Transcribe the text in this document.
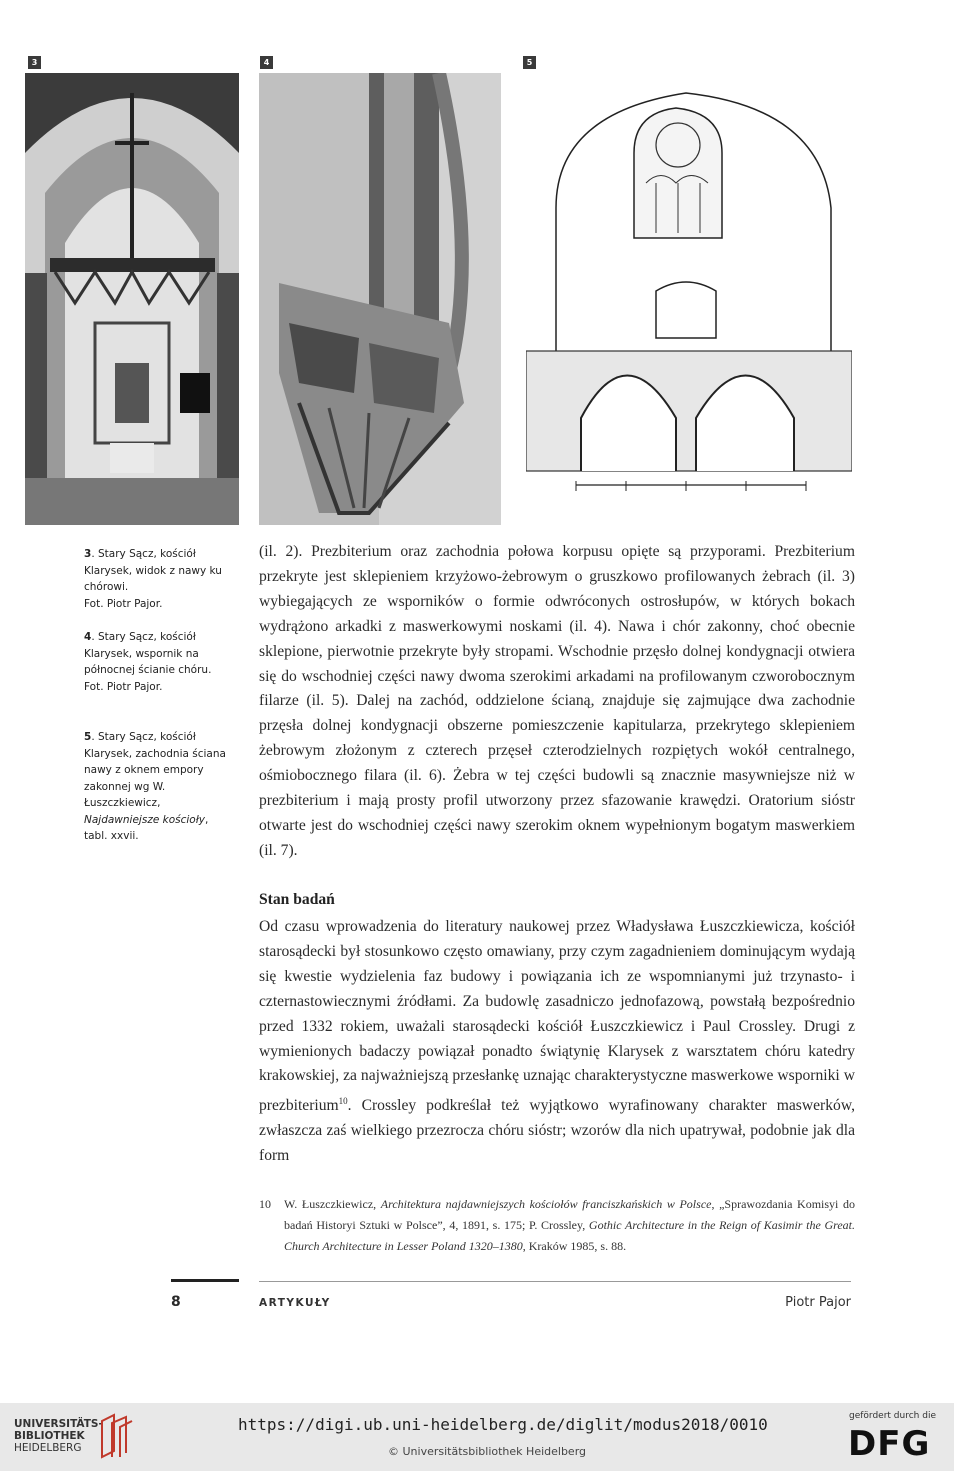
3	4	5
3. Stary Sącz, kościół Klarysek, widok z nawy ku chórowi.
Fot. Piotr Pajor.
4. Stary Sącz, kościół Klarysek, wspornik na północnej ścianie chóru.
Fot. Piotr Pajor.
5. Stary Sącz, kościół Klarysek, zachodnia ściana nawy z oknem empory zakonnej wg W. Łuszczkiewicz, Najdawniejsze kościoły, tabl. xxvii.

(il. 2). Prezbiterium oraz zachodnia połowa korpusu opięte są przyporami. Prezbiterium przekryte jest sklepieniem krzyżowo-żebrowym o gruszkowo profilowanych żebrach (il. 3) wybiegających ze wsporników o formie odwróconych ostrosłupów, w których bokach wydrążono arkadki z maswerkowymi noskami (il. 4). Nawa i chór zakonny, choć obecnie sklepione, pierwotnie przekryte były stropami. Wschodnie przęsło dolnej kondygnacji otwiera się do wschodniej części nawy dwoma szerokimi arkadami na profilowanym czworobocznym filarze (il. 5). Dalej na zachód, oddzielone ścianą, znajduje się zajmujące dwa zachodnie przęsła dolnej kondygnacji obszerne pomieszczenie kapitularza, przekrytego sklepieniem żebrowym złożonym z czterech przęseł czterodzielnych rozpiętych wokół centralnego, ośmiobocznego filara (il. 6). Żebra w tej części budowli są znacznie masywniejsze niż w prezbiterium i mają prosty profil utworzony przez sfazowanie krawędzi. Oratorium sióstr otwarte jest do wschodniej części nawy szerokim oknem wypełnionym bogatym maswerkiem (il. 7).

Stan badań

Od czasu wprowadzenia do literatury naukowej przez Władysława Łuszczkiewicza, kościół starosądecki był stosunkowo często omawiany, przy czym zagadnieniem dominującym wydają się kwestie wydzielenia faz budowy i powiązania ich ze wspomnianymi już trzynasto- i czternastowiecznymi źródłami. Za budowlę zasadniczo jednofazową, powstałą bezpośrednio przed 1332 rokiem, uważali starosądecki kościół Łuszczkiewicz i Paul Crossley. Drugi z wymienionych badaczy powiązał ponadto świątynię Klarysek z warsztatem chóru katedry krakowskiej, za najważniejszą przesłankę uznając charakterystyczne maswerkowe wsporniki w prezbiterium$^{10}$. Crossley podkreślał też wyjątkowo wyrafinowany charakter maswerków, zwłaszcza zaś wielkiego przezrocza chóru sióstr; wzorów dla nich upatrywał, podobnie jak dla form

10 W. Łuszczkiewicz, Architektura najdawniejszych kościołów franciszkańskich w Polsce, „Sprawozdania Komisyi do badań Historyi Sztuki w Polsce”, 4, 1891, s. 175; P. Crossley, Gothic Architecture in the Reign of Kasimir the Great. Church Architecture in Lesser Poland 1320–1380, Kraków 1985, s. 88.
8	ARTYKUŁY	Piotr Pajor
UNIVERSITÄTS-
BIBLIOTHEK
HEIDELBERG
https://digi.ub.uni-heidelberg.de/diglit/modus2018/0010
© Universitätsbibliothek Heidelberg
gefördert durch die
DFG
